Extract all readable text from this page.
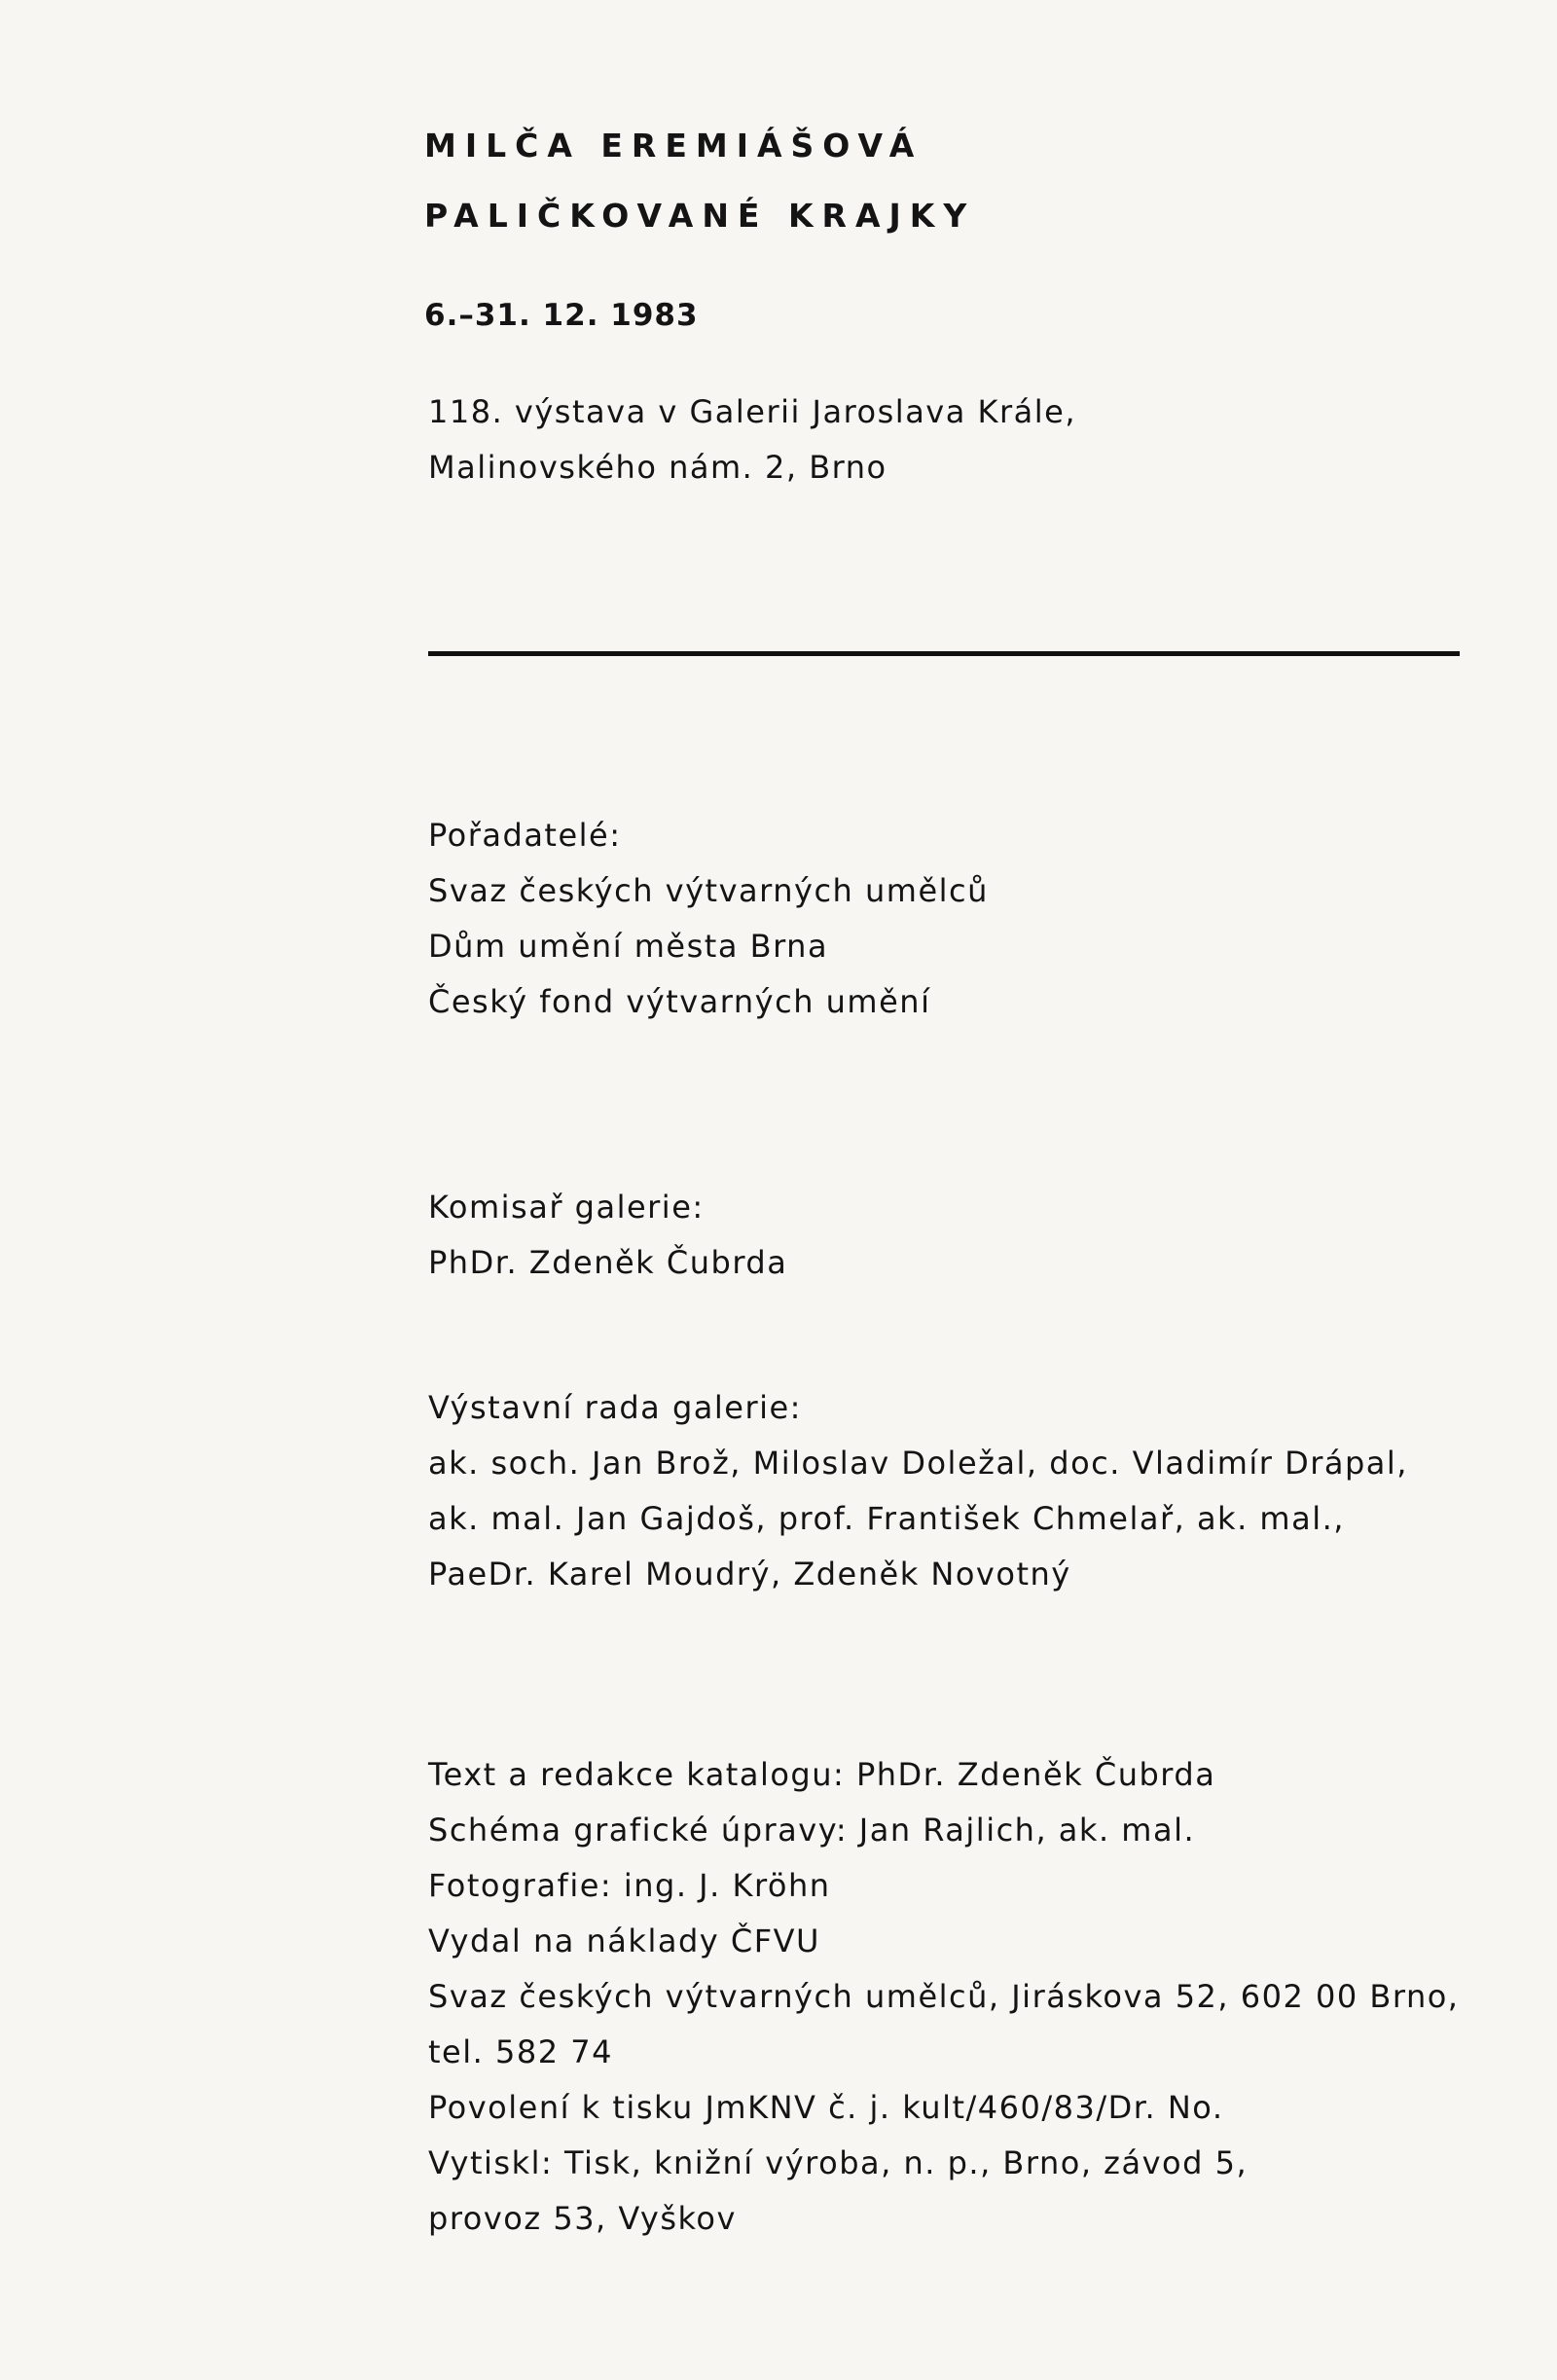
MILČA EREMIÁŠOVÁ
PALIČKOVANÉ KRAJKY
6.–31. 12. 1983
118. výstava v Galerii Jaroslava Krále,
Malinovského nám. 2, Brno
Pořadatelé:
Svaz českých výtvarných umělců
Dům umění města Brna
Český fond výtvarných umění
Komisař galerie:
PhDr. Zdeněk Čubrda
Výstavní rada galerie:
ak. soch. Jan Brož, Miloslav Doležal, doc. Vladimír Drápal,
ak. mal. Jan Gajdoš, prof. František Chmelař, ak. mal.,
PaeDr. Karel Moudrý, Zdeněk Novotný
Text a redakce katalogu: PhDr. Zdeněk Čubrda
Schéma grafické úpravy: Jan Rajlich, ak. mal.
Fotografie: ing. J. Kröhn
Vydal na náklady ČFVU
Svaz českých výtvarných umělců, Jiráskova 52, 602 00 Brno,
tel. 582 74
Povolení k tisku JmKNV č. j. kult/460/83/Dr. No.
Vytiskl: Tisk, knižní výroba, n. p., Brno, závod 5,
provoz 53, Vyškov
